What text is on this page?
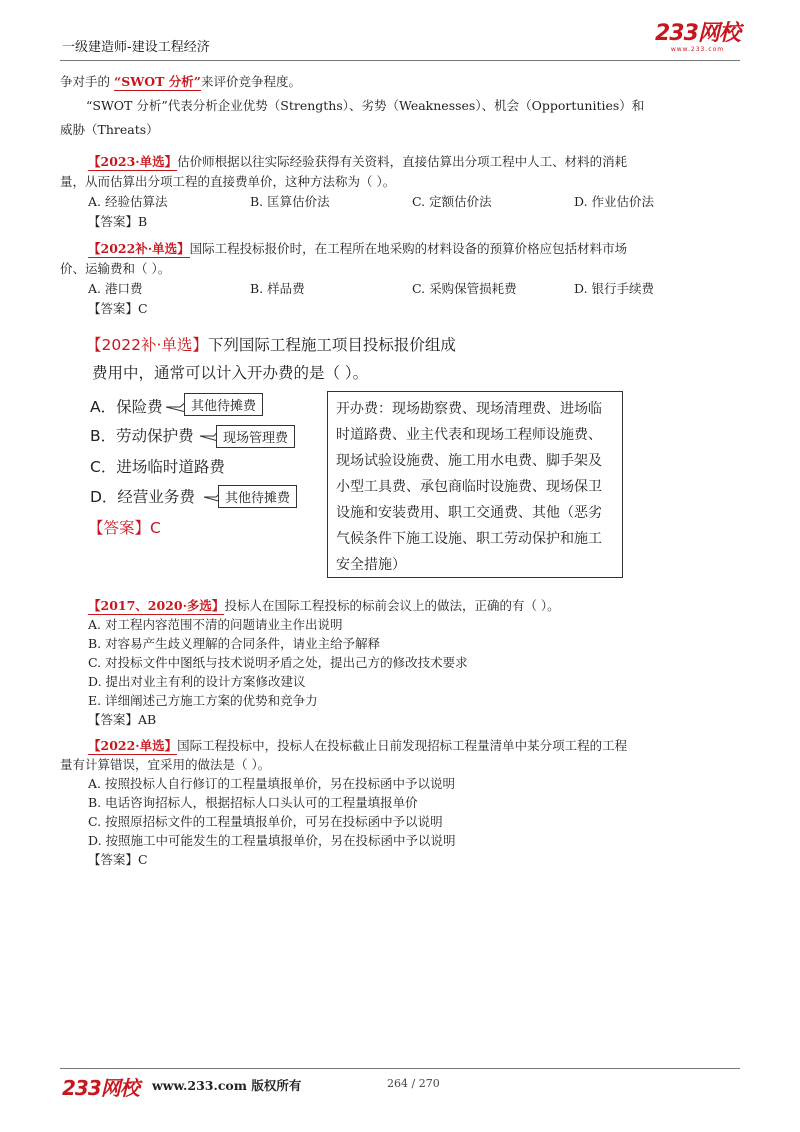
一级建造师-建设工程经济
233网校
www.233.com
争对手的 “SWOT 分析”来评价竞争程度。
“SWOT 分析”代表分析企业优势（Strengths）、劣势（Weaknesses）、机会（Opportunities）和
威胁（Threats）
【2023·单选】估价师根据以往实际经验获得有关资料，直接估算出分项工程中人工、材料的消耗
量，从而估算出分项工程的直接费单价，这种方法称为（ ）。
A. 经验估算法	B. 匡算估价法	C. 定额估价法	D. 作业估价法
【答案】B
【2022补·单选】国际工程投标报价时，在工程所在地采购的材料设备的预算价格应包括材料市场
价、运输费和（ ）。
A. 港口费	B. 样品费	C. 采购保管损耗费	D. 银行手续费
【答案】C
【2022补·单选】下列国际工程施工项目投标报价组成
费用中，通常可以计入开办费的是（ ）。
A．保险费
B．劳动保护费
C．进场临时道路费
D．经营业务费
其他待摊费
现场管理费
其他待摊费
【答案】C
开办费：现场勘察费、现场清理费、进场临时道路费、业主代表和现场工程师设施费、现场试验设施费、施工用水电费、脚手架及小型工具费、承包商临时设施费、现场保卫设施和安装费用、职工交通费、其他（恶劣气候条件下施工设施、职工劳动保护和施工安全措施）
【2017、2020·多选】投标人在国际工程投标的标前会议上的做法，正确的有（ ）。
A. 对工程内容范围不清的问题请业主作出说明
B. 对容易产生歧义理解的合同条件，请业主给予解释
C. 对投标文件中图纸与技术说明矛盾之处，提出己方的修改技术要求
D. 提出对业主有利的设计方案修改建议
E. 详细阐述己方施工方案的优势和竞争力
【答案】AB
【2022·单选】国际工程投标中，投标人在投标截止日前发现招标工程量清单中某分项工程的工程
量有计算错误，宜采用的做法是（ ）。
A. 按照投标人自行修订的工程量填报单价，另在投标函中予以说明
B. 电话咨询招标人，根据招标人口头认可的工程量填报单价
C. 按照原招标文件的工程量填报单价，可另在投标函中予以说明
D. 按照施工中可能发生的工程量填报单价，另在投标函中予以说明
【答案】C
233网校 www.233.com 版权所有	264 / 270
